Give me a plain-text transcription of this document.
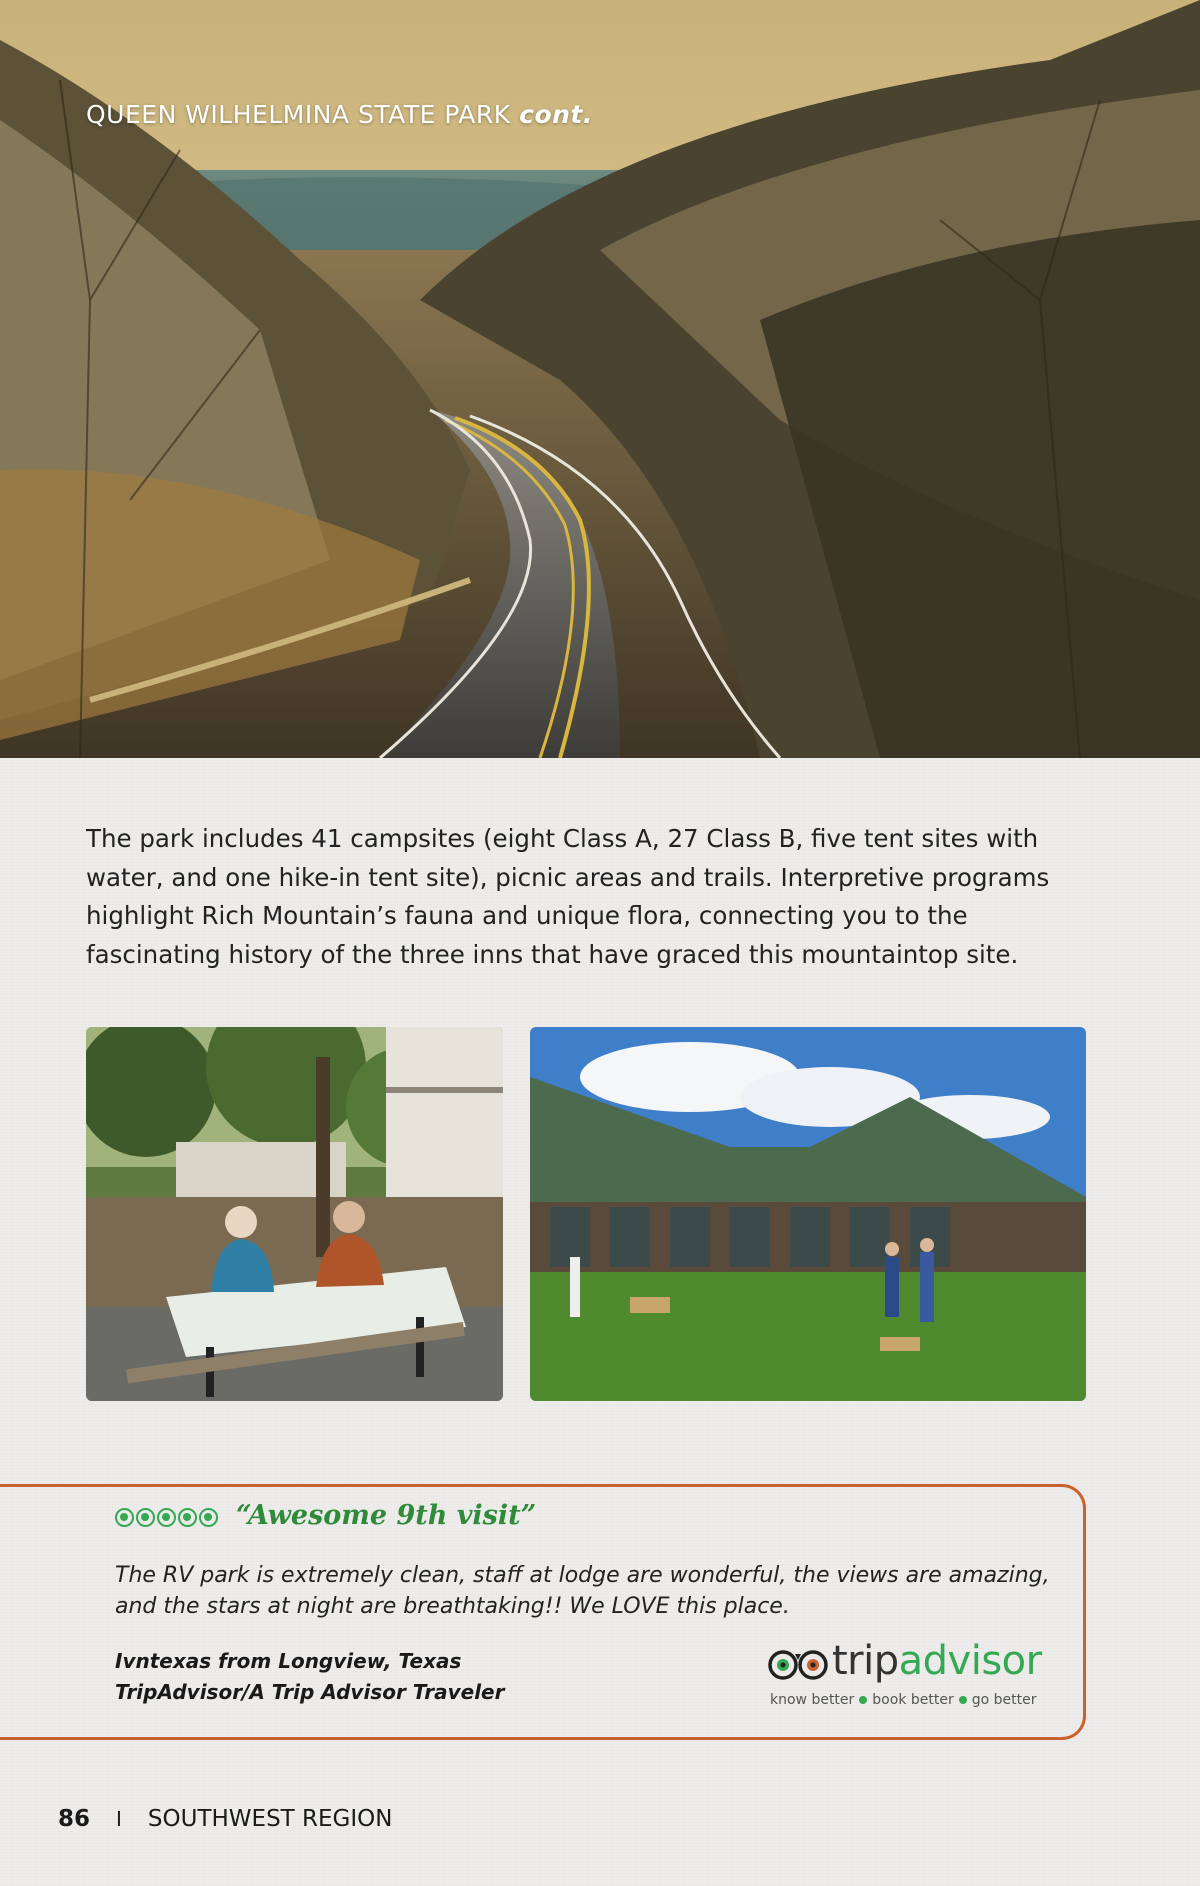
QUEEN WILHELMINA STATE PARK cont.
The park includes 41 campsites (eight Class A, 27 Class B, five tent sites with water, and one hike-in tent site), picnic areas and trails. Interpretive programs highlight Rich Mountain’s fauna and unique flora, connecting you to the fascinating history of the three inns that have graced this mountaintop site.
“Awesome 9th visit”
The RV park is extremely clean, staff at lodge are wonderful, the views are amazing, and the stars at night are breathtaking!! We LOVE this place.
Ivntexas from Longview, Texas
TripAdvisor/A Trip Advisor Traveler
tripadvisor
know better book better go better
86 I SOUTHWEST REGION
